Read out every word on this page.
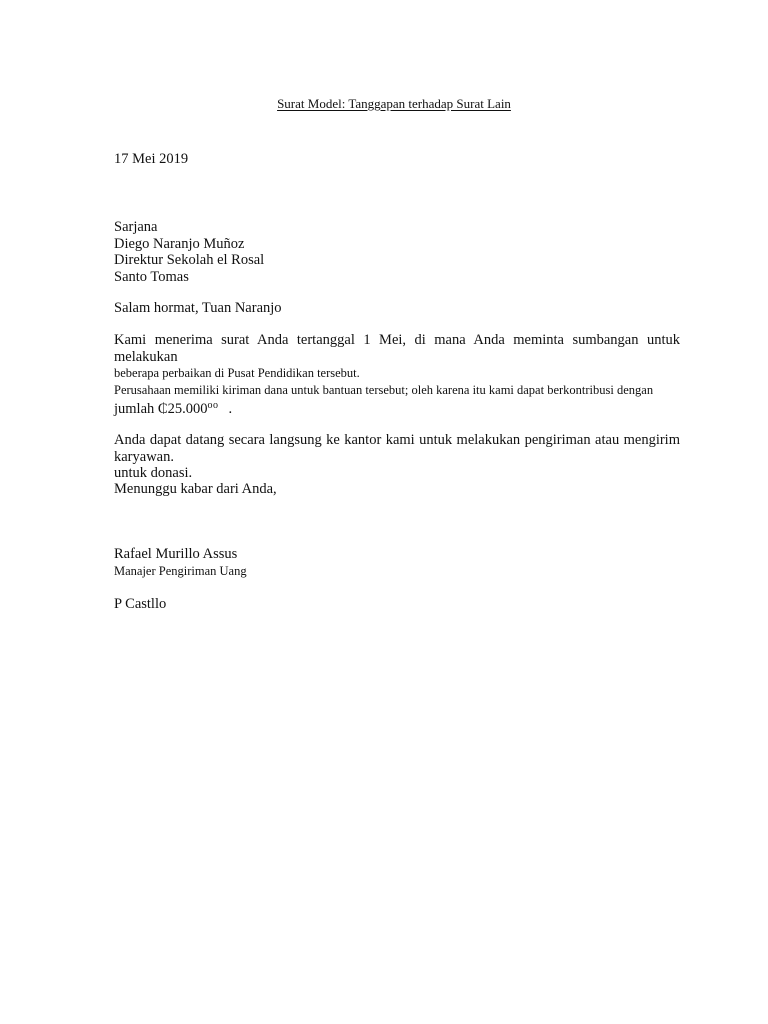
Surat Model: Tanggapan terhadap Surat Lain
17 Mei 2019
Sarjana
Diego Naranjo Muñoz
Direktur Sekolah el Rosal
Santo Tomas
Salam hormat, Tuan Naranjo
Kami menerima surat Anda tertanggal 1 Mei, di mana Anda meminta sumbangan untuk melakukan
beberapa perbaikan di Pusat Pendidikan tersebut.
Perusahaan memiliki kiriman dana untuk bantuan tersebut; oleh karena itu kami dapat berkontribusi dengan
jumlah $₵25.000^{oo}$ .
Anda dapat datang secara langsung ke kantor kami untuk melakukan pengiriman atau mengirim karyawan.
untuk donasi.
Menunggu kabar dari Anda,
Rafael Murillo Assus
Manajer Pengiriman Uang
P Castllo
